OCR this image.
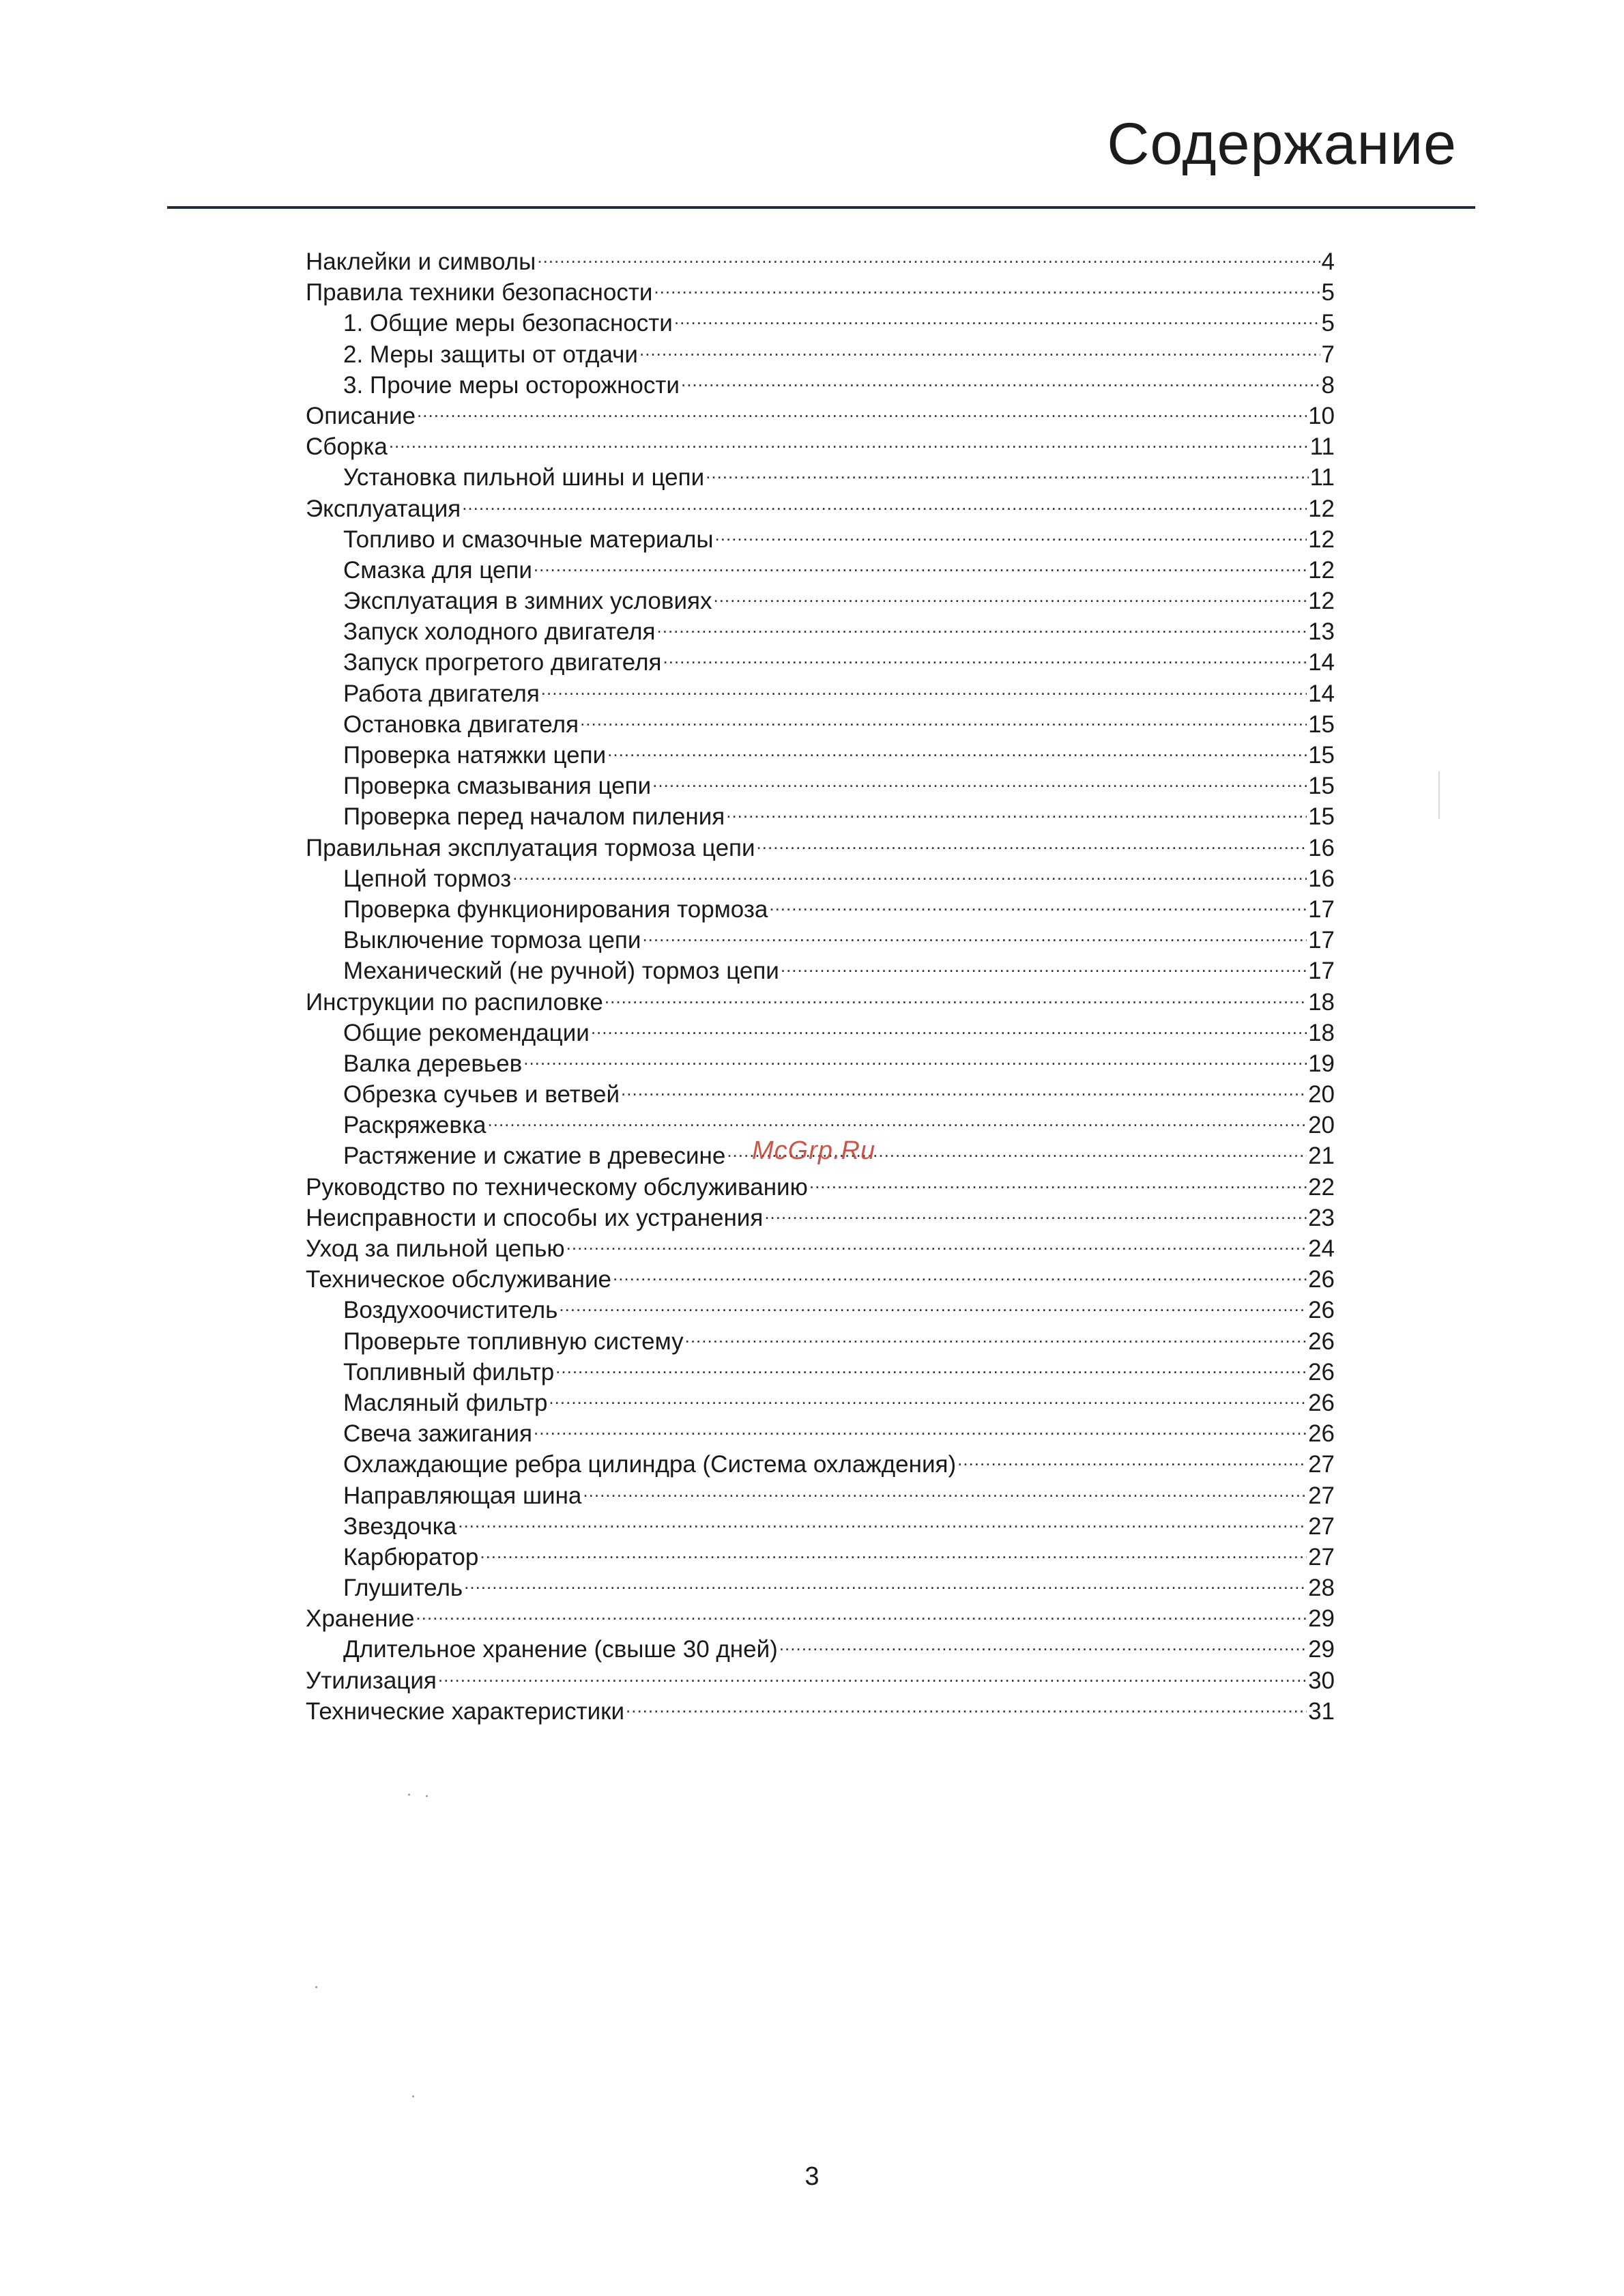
Содержание
Наклейки и символы .....	4
Правила техники безопасности .....	5
1. Общие меры безопасности .....	5
2. Меры защиты от отдачи .....	7
3. Прочие меры осторожности .....	8
Описание .....	10
Сборка .....	11
Установка пильной шины и цепи .....	11
Эксплуатация .....	12
Топливо и смазочные материалы .....	12
Смазка для цепи .....	12
Эксплуатация в зимних условиях .....	12
Запуск холодного двигателя .....	13
Запуск прогретого двигателя .....	14
Работа двигателя .....	14
Остановка двигателя .....	15
Проверка натяжки цепи .....	15
Проверка смазывания цепи .....	15
Проверка перед началом пиления .....	15
Правильная эксплуатация тормоза цепи .....	16
Цепной тормоз .....	16
Проверка функционирования тормоза .....	17
Выключение тормоза цепи .....	17
Механический (не ручной) тормоз цепи .....	17
Инструкции по распиловке .....	18
Общие рекомендации .....	18
Валка деревьев .....	19
Обрезка сучьев и ветвей .....	20
Раскряжевка .....	20
Растяжение и сжатие в древесине .....	21
Руководство по техническому обслуживанию .....	22
Неисправности и способы их устранения .....	23
Уход за пильной цепью .....	24
Техническое обслуживание .....	26
Воздухоочиститель .....	26
Проверьте топливную систему .....	26
Топливный фильтр .....	26
Масляный фильтр .....	26
Свеча зажигания .....	26
Охлаждающие ребра цилиндра (Система охлаждения) .....	27
Направляющая шина .....	27
Звездочка .....	27
Карбюратор .....	27
Глушитель .....	28
Хранение .....	29
Длительное хранение (свыше 30 дней) .....	29
Утилизация .....	30
Технические характеристики .....	31
McGrp.Ru
3
